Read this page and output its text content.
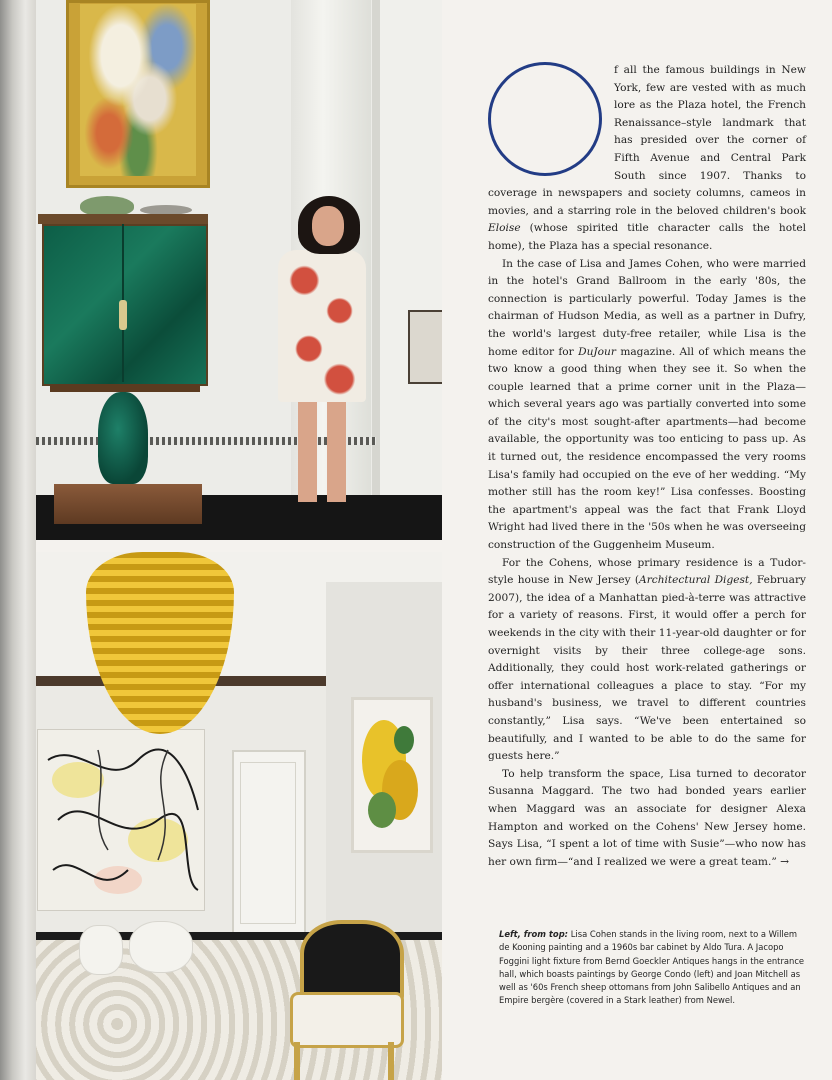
f all the famous buildings in New York, few are vested with as much lore as the Plaza hotel, the French Renaissance–style landmark that has presided over the corner of Fifth Avenue and Central Park South since 1907. Thanks to coverage in newspapers and society columns, cameos in movies, and a starring role in the beloved children's book Eloise (whose spirited title character calls the hotel home), the Plaza has a special resonance.

In the case of Lisa and James Cohen, who were married in the hotel's Grand Ballroom in the early '80s, the connection is particularly powerful. Today James is the chairman of Hudson Media, as well as a partner in Dufry, the world's largest duty-free retailer, while Lisa is the home editor for DuJour magazine. All of which means the two know a good thing when they see it. So when the couple learned that a prime corner unit in the Plaza—which several years ago was partially converted into some of the city's most sought-after apartments—had become available, the opportunity was too enticing to pass up. As it turned out, the residence encompassed the very rooms Lisa's family had occupied on the eve of her wedding. “My mother still has the room key!” Lisa confesses. Boosting the apartment's appeal was the fact that Frank Lloyd Wright had lived there in the '50s when he was overseeing construction of the Guggenheim Museum.

For the Cohens, whose primary residence is a Tudor-style house in New Jersey (Architectural Digest, February 2007), the idea of a Manhattan pied-à-terre was attractive for a variety of reasons. First, it would offer a perch for weekends in the city with their 11-year-old daughter or for overnight visits by their three college-age sons. Additionally, they could host work-related gatherings or offer international colleagues a place to stay. “For my husband's business, we travel to different countries constantly,” Lisa says. “We've been entertained so beautifully, and I wanted to be able to do the same for guests here.”

To help transform the space, Lisa turned to decorator Susanna Maggard. The two had bonded years earlier when Maggard was an associate for designer Alexa Hampton and worked on the Cohens' New Jersey home. Says Lisa, “I spent a lot of time with Susie”—who now has her own firm—“and I realized we were a great team.” →

Left, from top: Lisa Cohen stands in the living room, next to a Willem de Kooning painting and a 1960s bar cabinet by Aldo Tura. A Jacopo Foggini light fixture from Bernd Goeckler Antiques hangs in the entrance hall, which boasts paintings by George Condo (left) and Joan Mitchell as well as '60s French sheep ottomans from John Salibello Antiques and an Empire bergère (covered in a Stark leather) from Newel.
